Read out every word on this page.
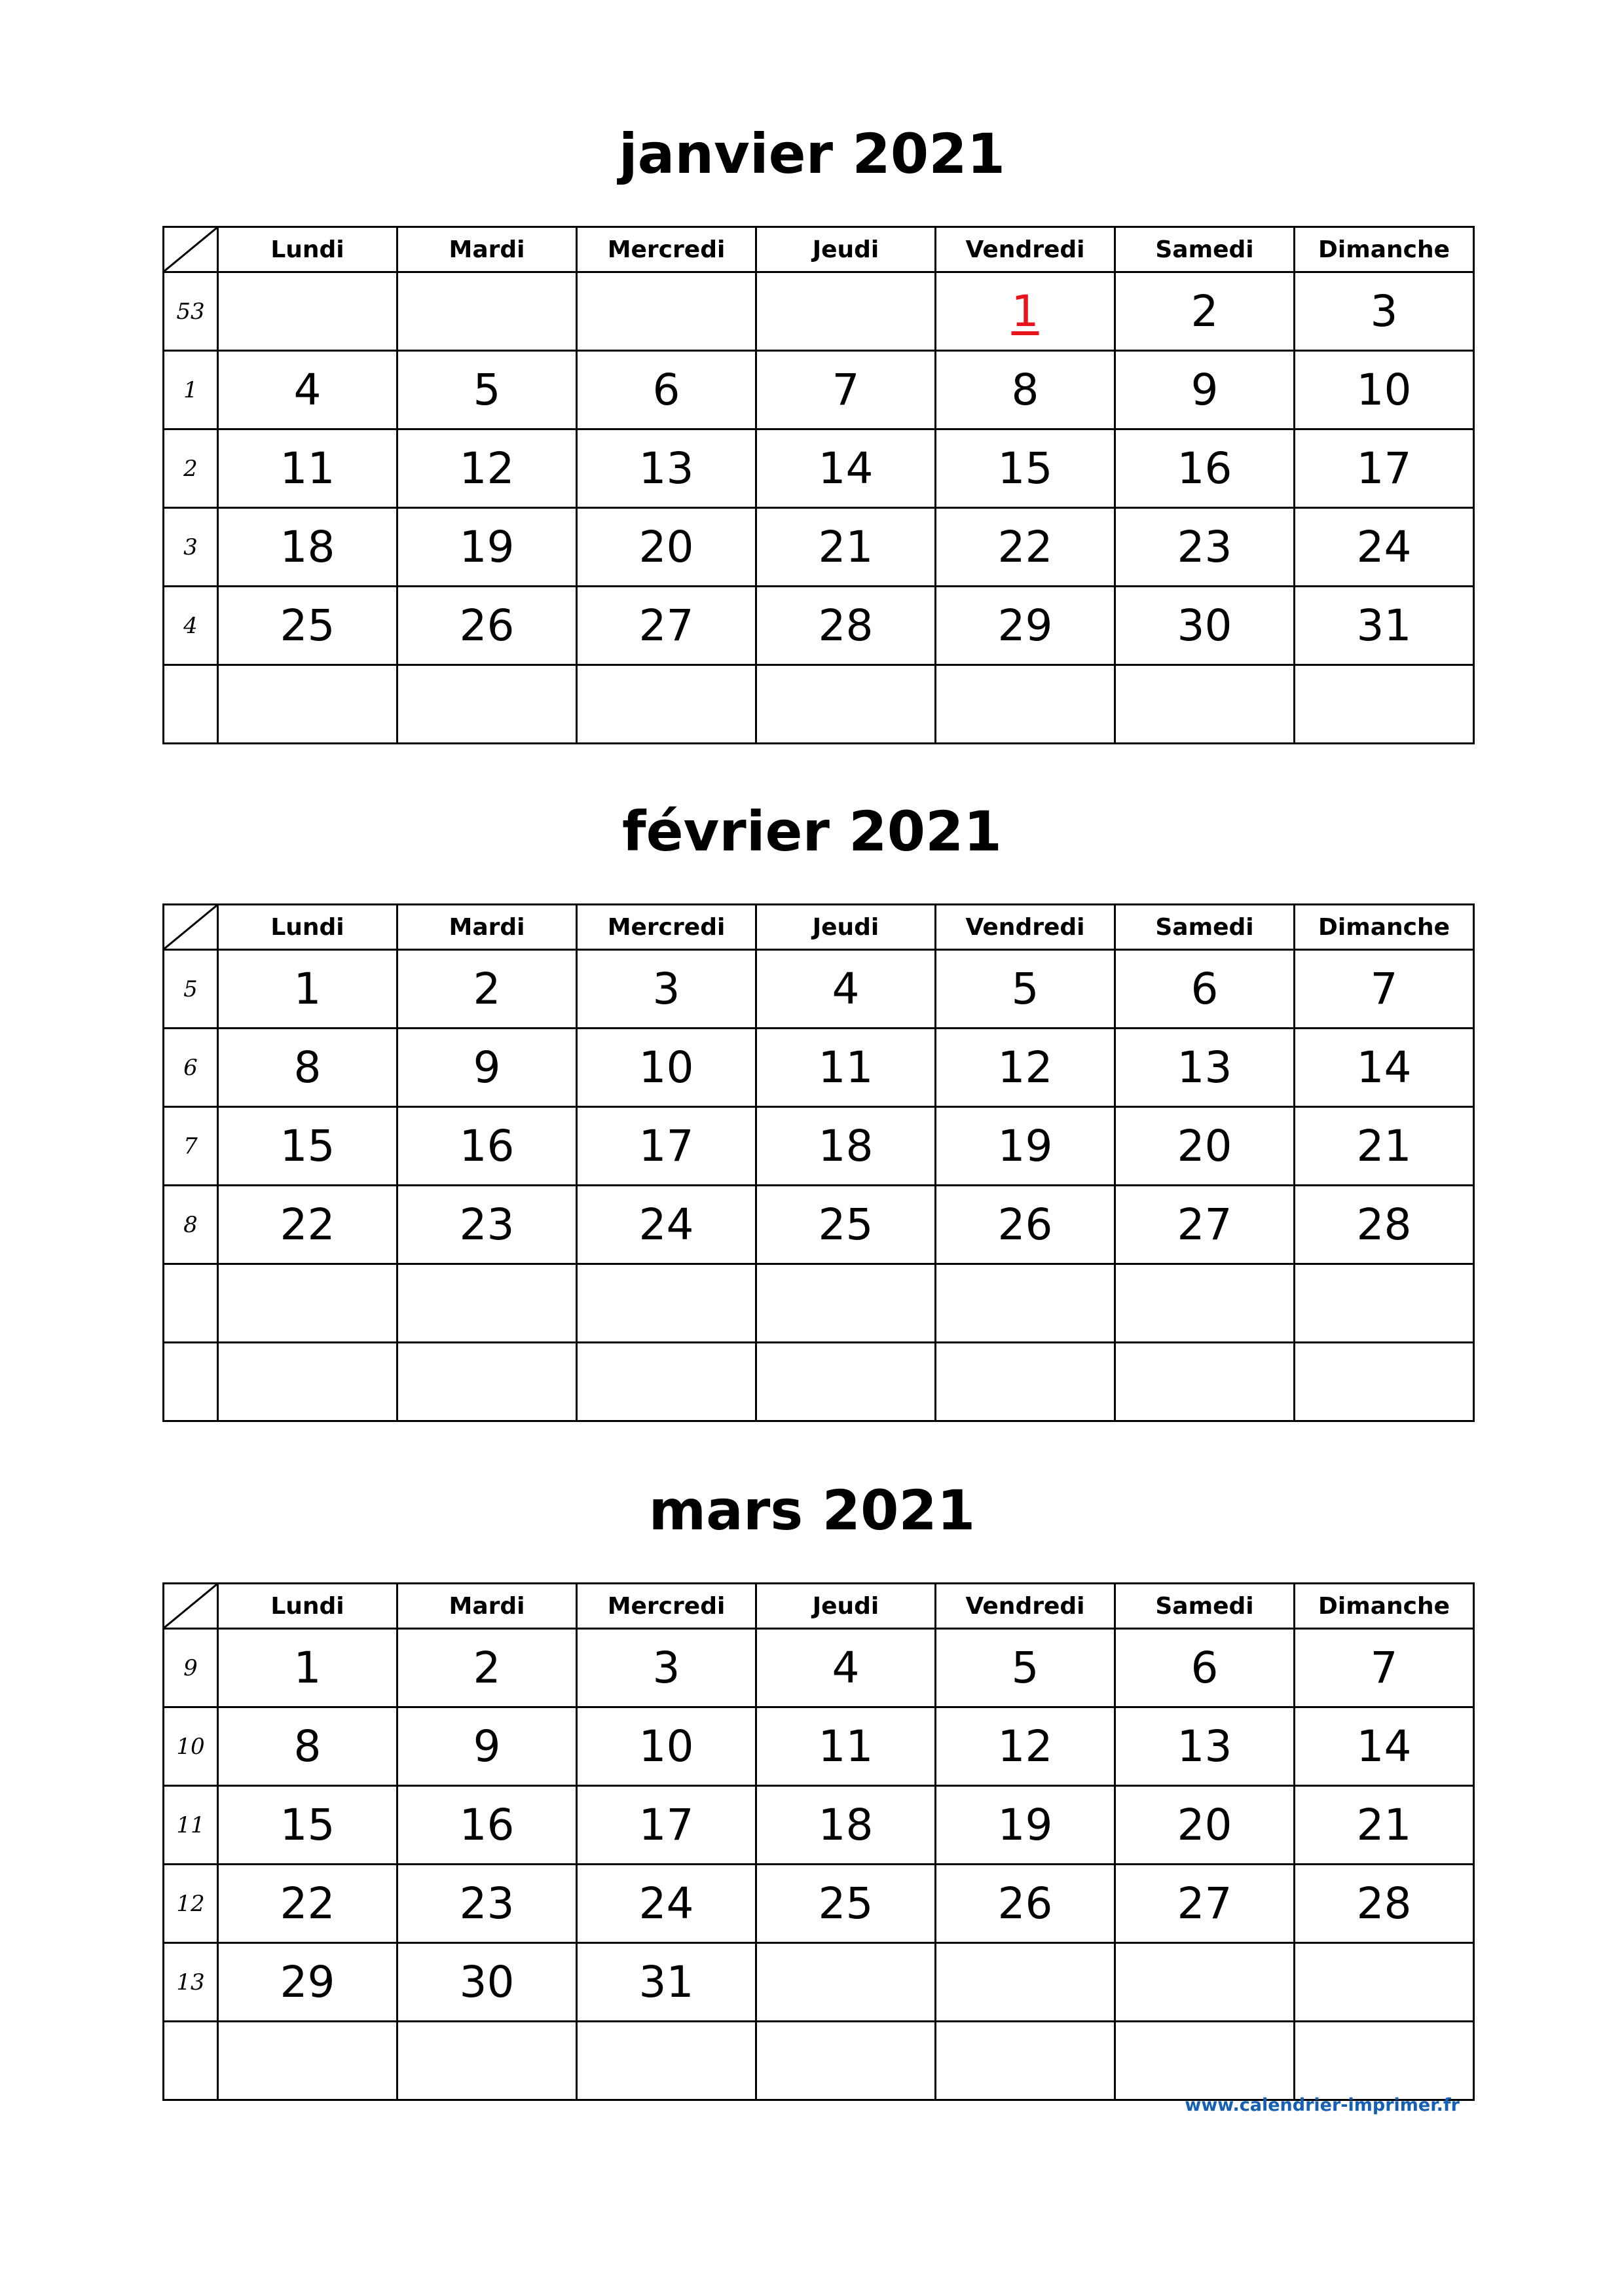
janvier 2021
	Lundi	Mardi	Mercredi	Jeudi	Vendredi	Samedi	Dimanche
53					1	2	3
1	4	5	6	7	8	9	10
2	11	12	13	14	15	16	17
3	18	19	20	21	22	23	24
4	25	26	27	28	29	30	31

février 2021
	Lundi	Mardi	Mercredi	Jeudi	Vendredi	Samedi	Dimanche
5	1	2	3	4	5	6	7
6	8	9	10	11	12	13	14
7	15	16	17	18	19	20	21
8	22	23	24	25	26	27	28

mars 2021
	Lundi	Mardi	Mercredi	Jeudi	Vendredi	Samedi	Dimanche
9	1	2	3	4	5	6	7
10	8	9	10	11	12	13	14
11	15	16	17	18	19	20	21
12	22	23	24	25	26	27	28
13	29	30	31				

www.calendrier-imprimer.fr
